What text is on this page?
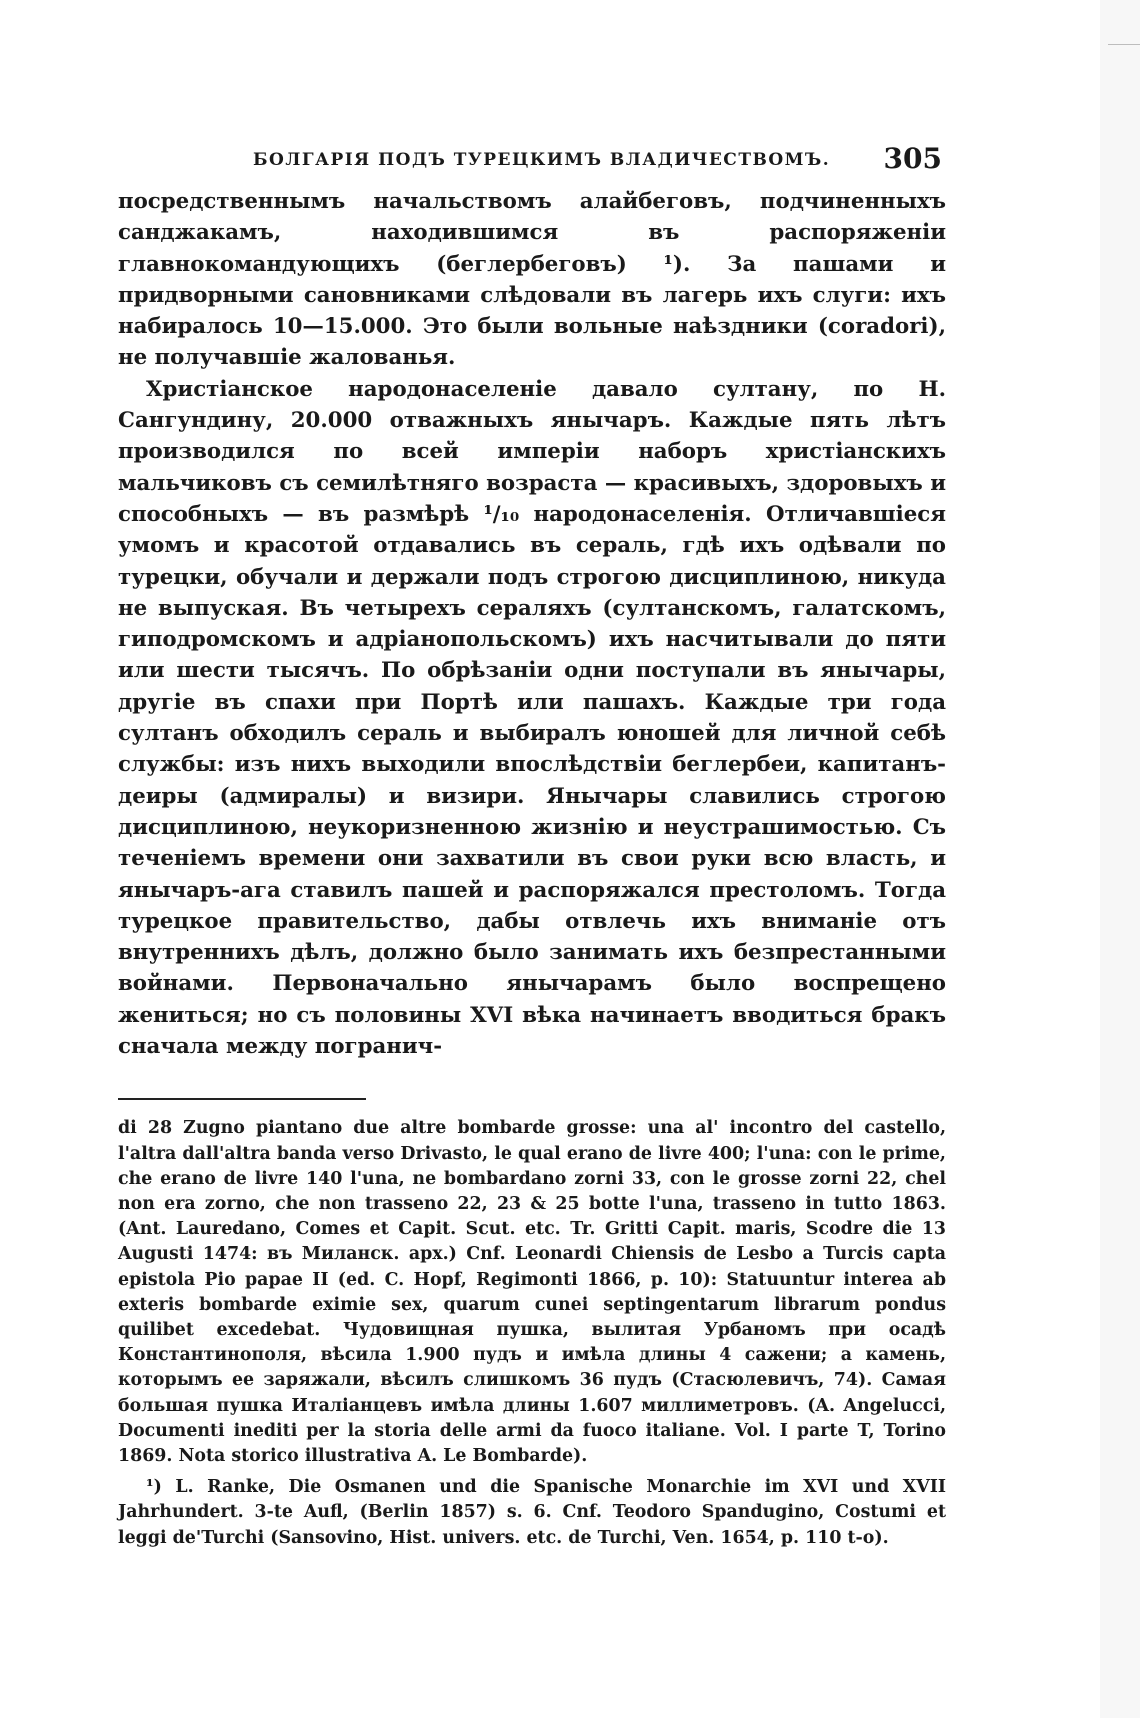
БОЛГАРІЯ ПОДЪ ТУРЕЦКИМЪ ВЛАДИЧЕСТВОМЪ. 305

посредственнымъ начальствомъ алайбеговъ, подчиненныхъ санджакамъ, находившимся въ распоряженіи главнокомандующихъ (беглербеговъ) ¹). За пашами и придворными сановниками слѣдовали въ лагерь ихъ слуги: ихъ набиралось 10—15.000. Это были вольные наѣздники (coradori), не получавшіе жалованья.

Христіанское народонаселеніе давало султану, по Н. Сангундину, 20.000 отважныхъ янычаръ. Каждые пять лѣтъ производился по всей имперіи наборъ христіанскихъ мальчиковъ съ семилѣтняго возраста — красивыхъ, здоровыхъ и способныхъ — въ размѣрѣ ¹/₁₀ народонаселенія. Отличавшіеся умомъ и красотой отдавались въ сераль, гдѣ ихъ одѣвали по турецки, обучали и держали подъ строгою дисциплиною, никуда не выпуская. Въ четырехъ сераляхъ (султанскомъ, галатскомъ, гиподромскомъ и адріанопольскомъ) ихъ насчитывали до пяти или шести тысячъ. По обрѣзаніи одни поступали въ янычары, другіе въ спахи при Портѣ или пашахъ. Каждые три года султанъ обходилъ сераль и выбиралъ юношей для личной себѣ службы: изъ нихъ выходили впослѣдствіи беглербеи, капитанъ-деиры (адмиралы) и визири. Янычары славились строгою дисциплиною, неукоризненною жизнію и неустрашимостью. Съ теченіемъ времени они захватили въ свои руки всю власть, и янычаръ-ага ставилъ пашей и распоряжался престоломъ. Тогда турецкое правительство, дабы отвлечь ихъ вниманіе отъ внутреннихъ дѣлъ, должно было занимать ихъ безпрестанными войнами. Первоначально янычарамъ было воспрещено жениться; но съ половины XVI вѣка начинаетъ вводиться бракъ сначала между погранич-

di 28 Zugno piantano due altre bombarde grosse: una al' incontro del castello, l'altra dall'altra banda verso Drivasto, le qual erano de livre 400; l'una: con le prime, che erano de livre 140 l'una, ne bombardano zorni 33, con le grosse zorni 22, chel non era zorno, che non trasseno 22, 23 & 25 botte l'una, trasseno in tutto 1863. (Ant. Lauredano, Comes et Capit. Scut. etc. Tr. Gritti Capit. maris, Scodre die 13 Augusti 1474: въ Миланск. арх.) Cnf. Leonardi Chiensis de Lesbo a Turcis capta epistola Pio papae II (ed. C. Hopf, Regimonti 1866, p. 10): Statuuntur interea ab exteris bombarde eximie sex, quarum cunei septingentarum librarum pondus quilibet excedebat. Чудовищная пушка, вылитая Урбаномъ при осадѣ Константинополя, вѣсила 1.900 пудъ и имѣла длины 4 сажени; а камень, которымъ ее заряжали, вѣсилъ слишкомъ 36 пудъ (Стасюлевичъ, 74). Самая большая пушка Италіанцевъ имѣла длины 1.607 миллиметровъ. (A. Angelucci, Documenti inediti per la storia delle armi da fuoco italiane. Vol. I parte T, Torino 1869. Nota storico illustrativa A. Le Bombarde).

¹) L. Ranke, Die Osmanen und die Spanische Monarchie im XVI und XVII Jahrhundert. 3-te Aufl, (Berlin 1857) s. 6. Cnf. Teodoro Spandugino, Costumi et leggi de'Turchi (Sansovino, Hist. univers. etc. de Turchi, Ven. 1654, p. 110 t-o).
